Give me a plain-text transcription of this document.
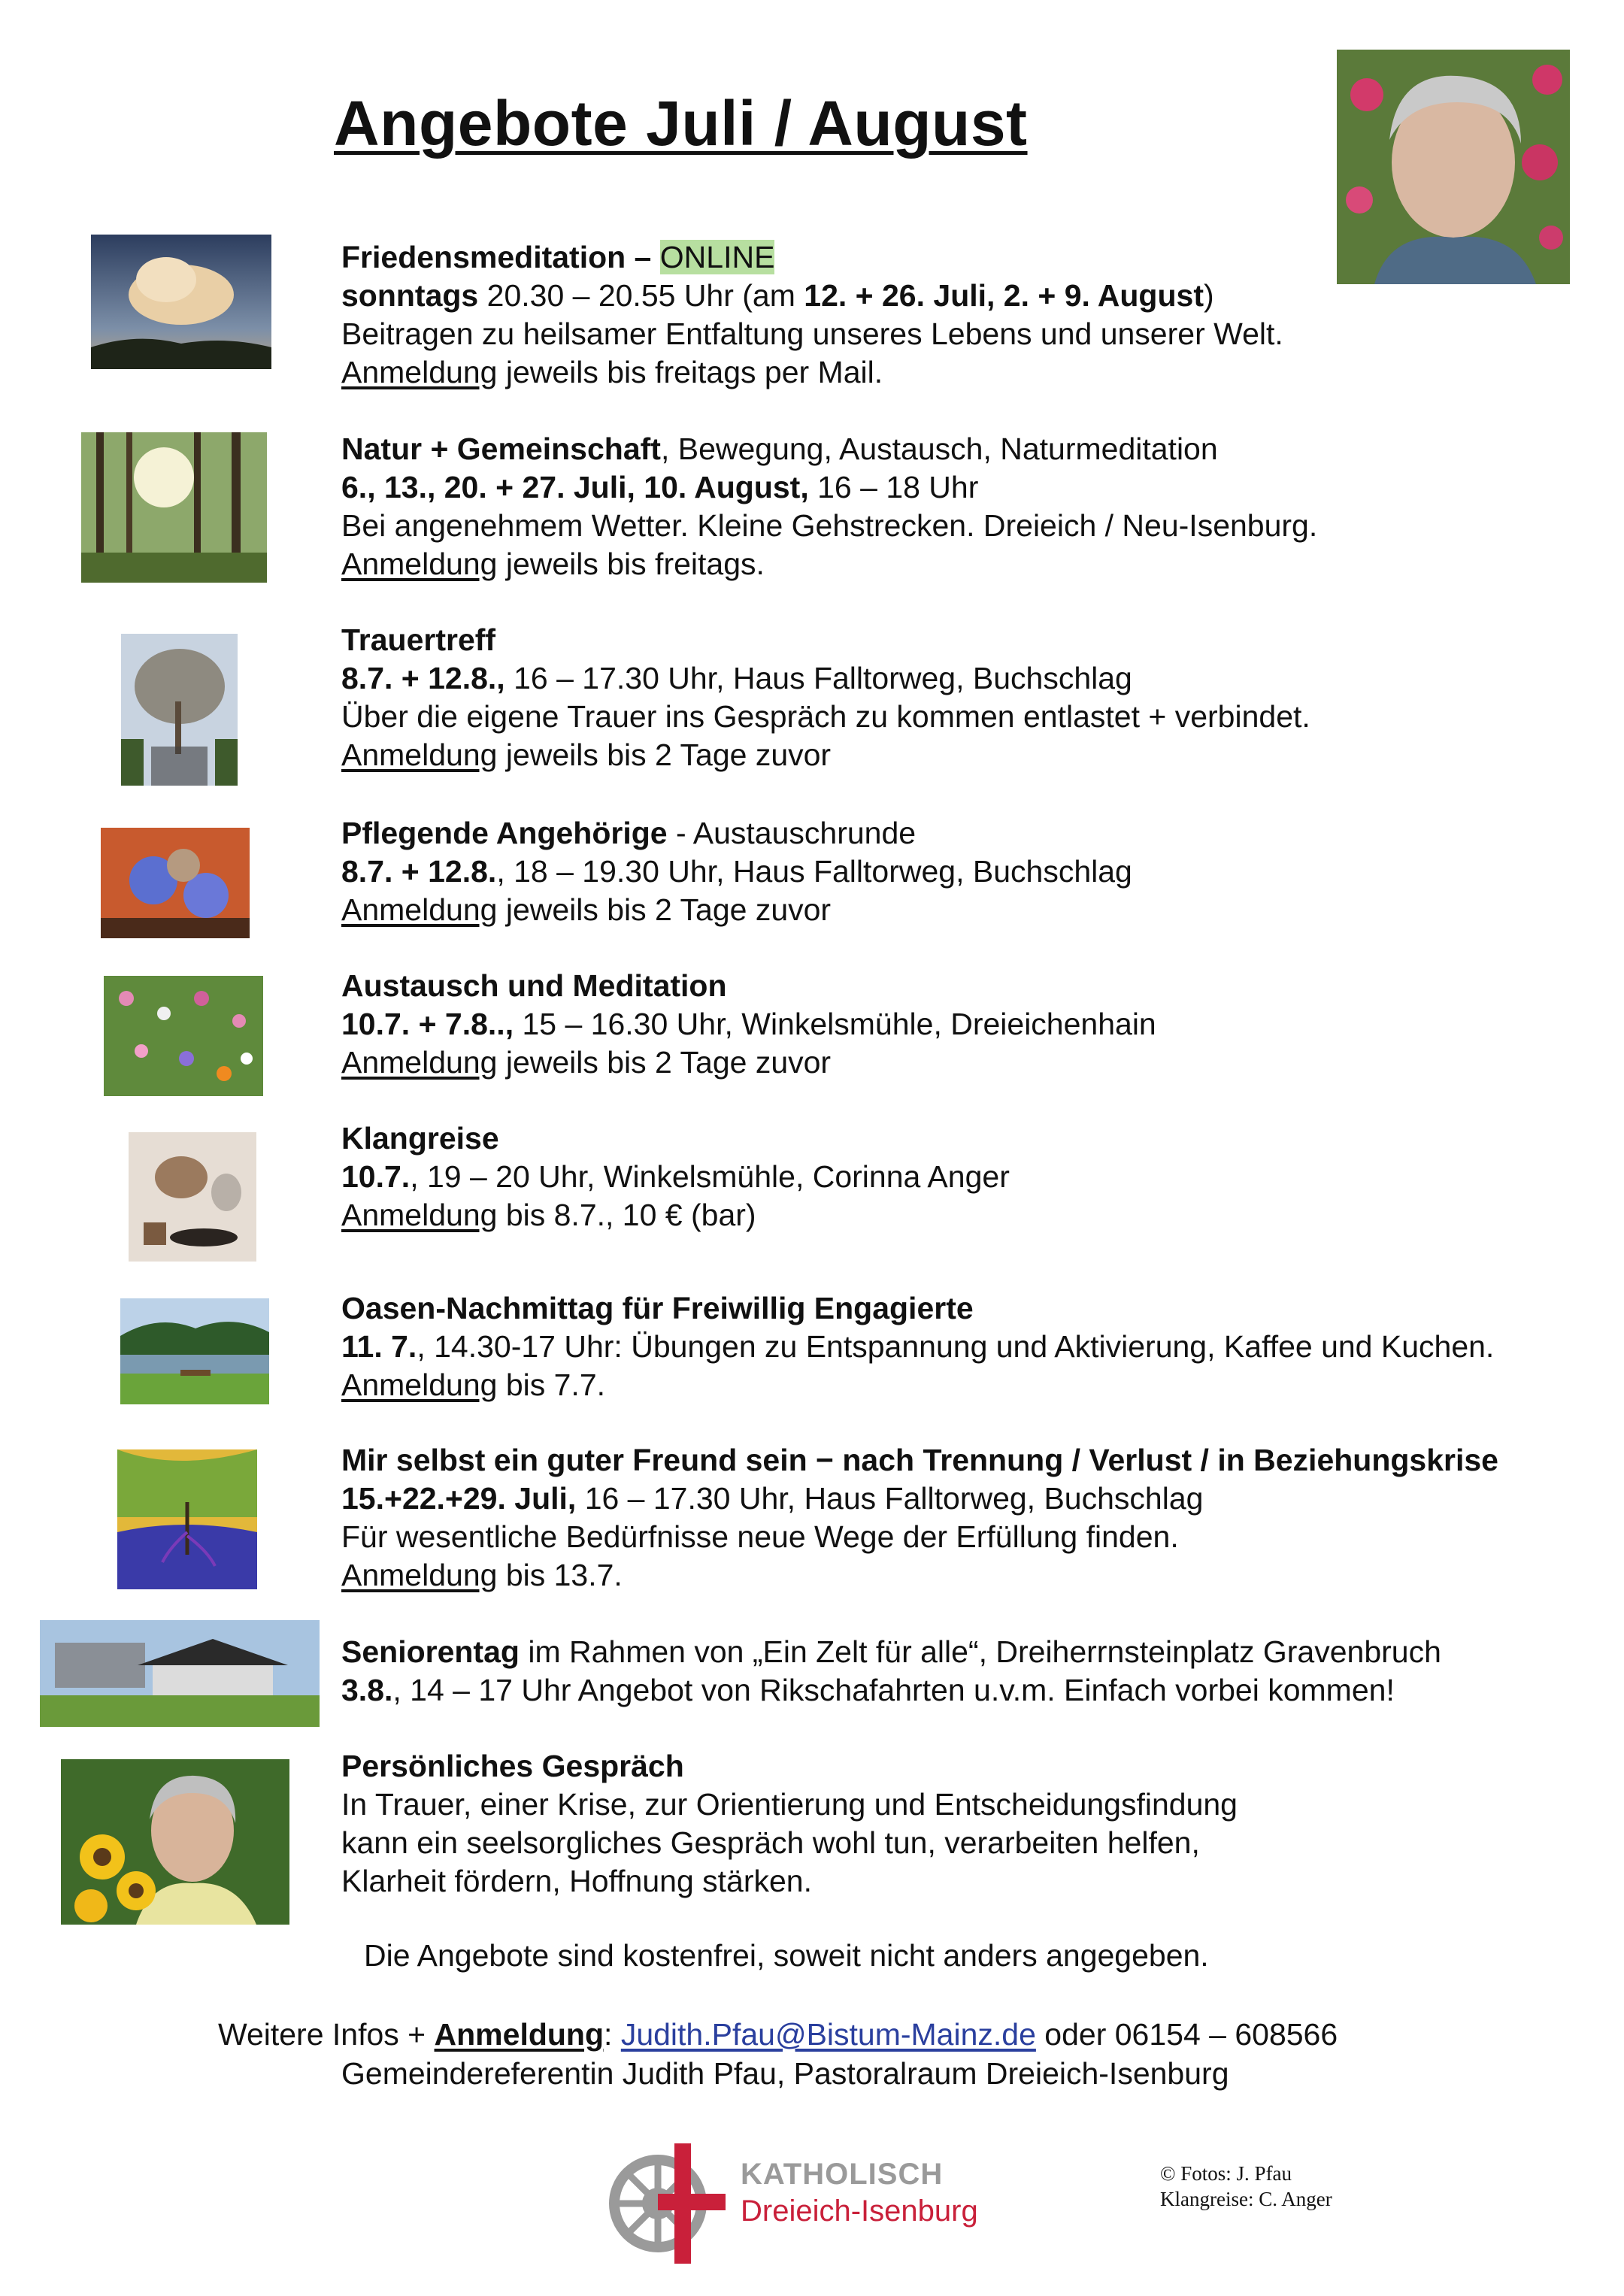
Angebote Juli / August
Friedensmeditation – ONLINE
sonntags 20.30 – 20.55 Uhr (am 12. + 26. Juli, 2. + 9. August)
Beitragen zu heilsamer Entfaltung unseres Lebens und unserer Welt.
Anmeldung jeweils bis freitags per Mail.
Natur + Gemeinschaft, Bewegung, Austausch, Naturmeditation
6., 13., 20. + 27. Juli, 10. August, 16 – 18 Uhr
Bei angenehmem Wetter. Kleine Gehstrecken. Dreieich / Neu-Isenburg.
Anmeldung jeweils bis freitags.
Trauertreff
8.7. + 12.8., 16 – 17.30 Uhr, Haus Falltorweg, Buchschlag
Über die eigene Trauer ins Gespräch zu kommen entlastet + verbindet.
Anmeldung jeweils bis 2 Tage zuvor
Pflegende Angehörige - Austauschrunde
8.7. + 12.8., 18 – 19.30 Uhr, Haus Falltorweg, Buchschlag
Anmeldung jeweils bis 2 Tage zuvor
Austausch und Meditation
10.7. + 7.8.., 15 – 16.30 Uhr, Winkelsmühle, Dreieichenhain
Anmeldung jeweils bis 2 Tage zuvor
Klangreise
10.7., 19 – 20 Uhr, Winkelsmühle, Corinna Anger
Anmeldung bis 8.7., 10 € (bar)
Oasen-Nachmittag für Freiwillig Engagierte
11. 7., 14.30-17 Uhr: Übungen zu Entspannung und Aktivierung, Kaffee und Kuchen.
Anmeldung bis 7.7.
Mir selbst ein guter Freund sein − nach Trennung / Verlust / in Beziehungskrise
15.+22.+29. Juli, 16 – 17.30 Uhr, Haus Falltorweg, Buchschlag
Für wesentliche Bedürfnisse neue Wege der Erfüllung finden.
Anmeldung bis 13.7.
Seniorentag im Rahmen von „Ein Zelt für alle“, Dreiherrnsteinplatz Gravenbruch
3.8., 14 – 17 Uhr Angebot von Rikschafahrten u.v.m. Einfach vorbei kommen!
Persönliches Gespräch
In Trauer, einer Krise, zur Orientierung und Entscheidungsfindung
kann ein seelsorgliches Gespräch wohl tun, verarbeiten helfen,
Klarheit fördern, Hoffnung stärken.
Die Angebote sind kostenfrei, soweit nicht anders angegeben.
Weitere Infos + Anmeldung: Judith.Pfau@Bistum-Mainz.de oder 06154 – 608566
Gemeindereferentin Judith Pfau, Pastoralraum Dreieich-Isenburg
KATHOLISCH
Dreieich-Isenburg
© Fotos: J. Pfau
Klangreise: C. Anger
